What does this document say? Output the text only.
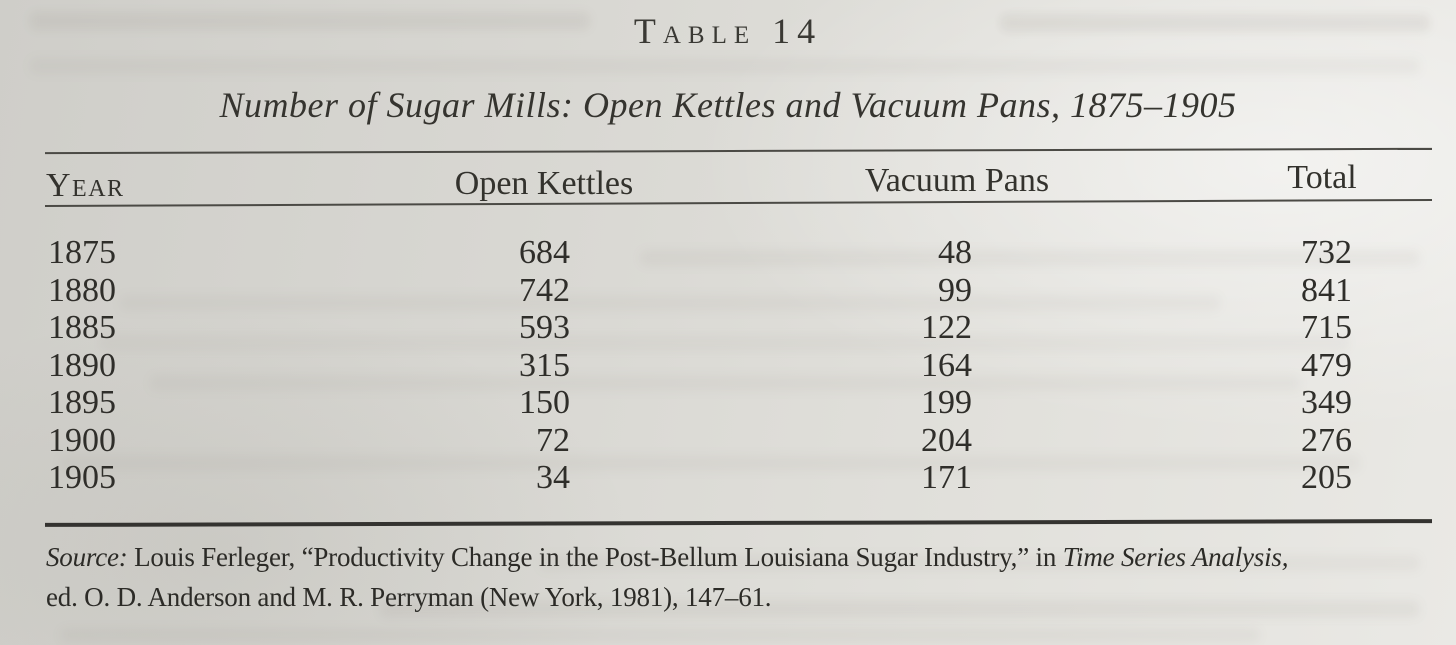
Table 14
Number of Sugar Mills: Open Kettles and Vacuum Pans, 1875–1905
Year	Open Kettles	Vacuum Pans	Total
1875	684	48	732
1880	742	99	841
1885	593	122	715
1890	315	164	479
1895	150	199	349
1900	72	204	276
1905	34	171	205
Source: Louis Ferleger, “Productivity Change in the Post-Bellum Louisiana Sugar Industry,” in Time Series Analysis,
ed. O. D. Anderson and M. R. Perryman (New York, 1981), 147–61.
